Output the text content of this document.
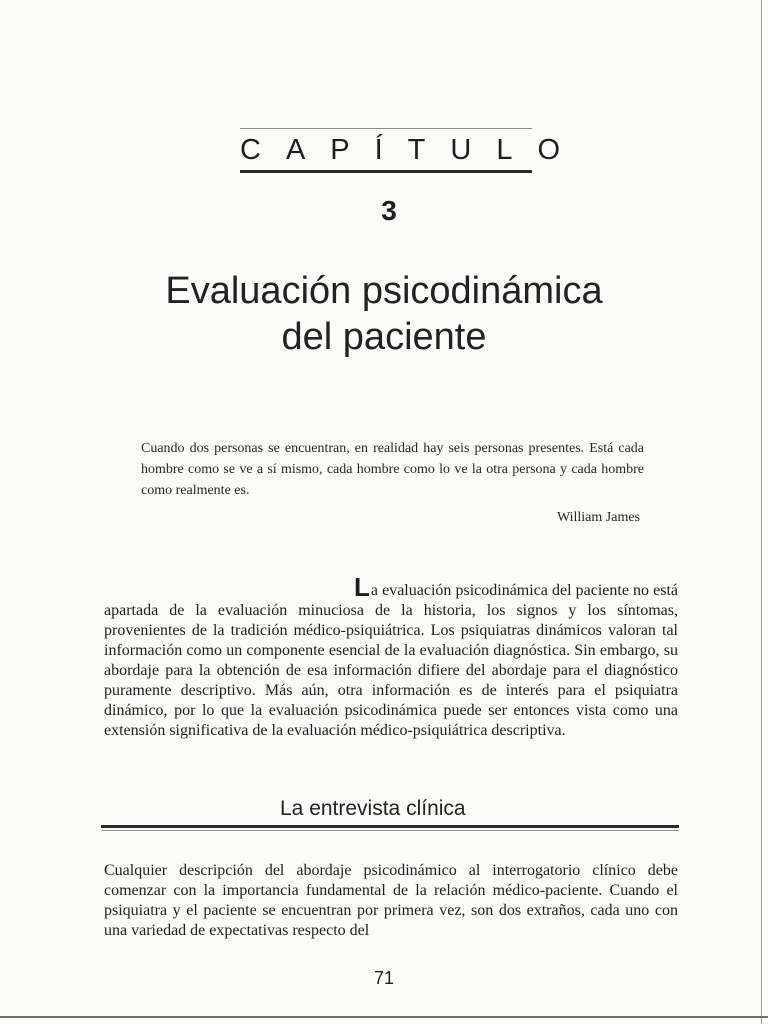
CAPÍTULO
3
Evaluación psicodinámica
del paciente

Cuando dos personas se encuentran, en realidad hay seis personas presentes. Está cada hombre como se ve a sí mismo, cada hombre como lo ve la otra persona y cada hombre como realmente es.

William James

La evaluación psicodinámica del paciente no está apartada de la evaluación minuciosa de la historia, los signos y los síntomas, provenientes de la tradición médico-psiquiátrica. Los psiquiatras dinámicos valoran tal información como un componente esencial de la evaluación diagnóstica. Sin embargo, su abordaje para la obtención de esa información difiere del abordaje para el diagnóstico puramente descriptivo. Más aún, otra información es de interés para el psiquiatra dinámico, por lo que la evaluación psicodinámica puede ser entonces vista como una extensión significativa de la evaluación médico-psiquiátrica descriptiva.

La entrevista clínica

Cualquier descripción del abordaje psicodinámico al interrogatorio clínico debe comenzar con la importancia fundamental de la relación médico-paciente. Cuando el psiquiatra y el paciente se encuentran por primera vez, son dos extraños, cada uno con una variedad de expectativas respecto del

71
